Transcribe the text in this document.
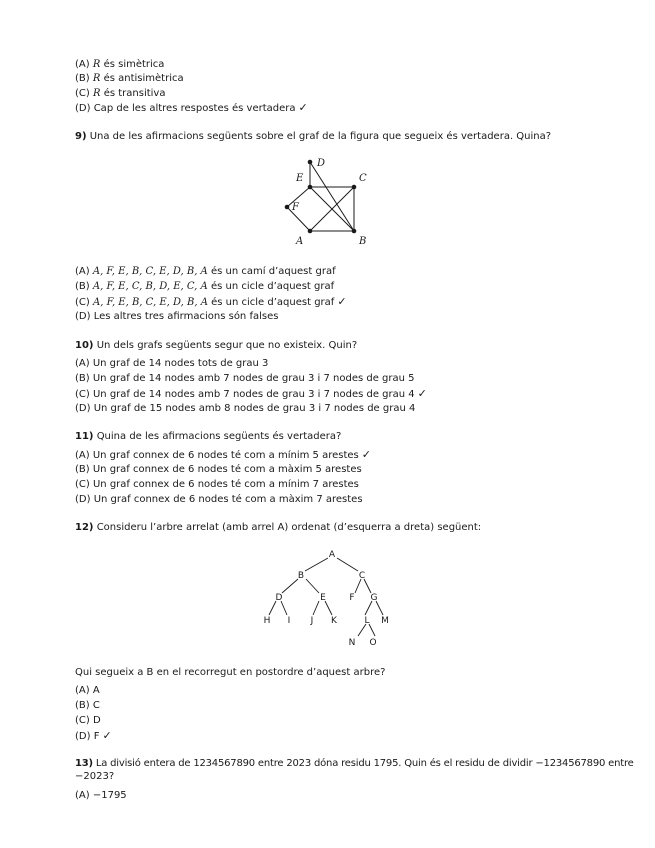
(A) R és simètrica
(B) R és antisimètrica
(C) R és transitiva
(D) Cap de les altres respostes és vertadera ✓
9) Una de les afirmacions següents sobre el graf de la figura que segueix és vertadera. Quina?
D
E	C
F
A	B
(A) A, F, E, B, C, E, D, B, A és un camí d’aquest graf
(B) A, F, E, C, B, D, E, C, A és un cicle d’aquest graf
(C) A, F, E, B, C, E, D, B, A és un cicle d’aquest graf ✓
(D) Les altres tres afirmacions són falses
10) Un dels grafs següents segur que no existeix. Quin?
(A) Un graf de 14 nodes tots de grau 3
(B) Un graf de 14 nodes amb 7 nodes de grau 3 i 7 nodes de grau 5
(C) Un graf de 14 nodes amb 7 nodes de grau 3 i 7 nodes de grau 4 ✓
(D) Un graf de 15 nodes amb 8 nodes de grau 3 i 7 nodes de grau 4
11) Quina de les afirmacions següents és vertadera?
(A) Un graf connex de 6 nodes té com a mínim 5 arestes ✓
(B) Un graf connex de 6 nodes té com a màxim 5 arestes
(C) Un graf connex de 6 nodes té com a mínim 7 arestes
(D) Un graf connex de 6 nodes té com a màxim 7 arestes
12) Consideru l’arbre arrelat (amb arrel A) ordenat (d’esquerra a dreta) següent:
A
B	C
D	E	F G
H I J K	L M
N O
Qui segueix a B en el recorregut en postordre d’aquest arbre?
(A) A
(B) C
(C) D
(D) F ✓
13) La divisió entera de 1234567890 entre 2023 dóna residu 1795. Quin és el residu de dividir −1234567890 entre
−2023?
(A) −1795
